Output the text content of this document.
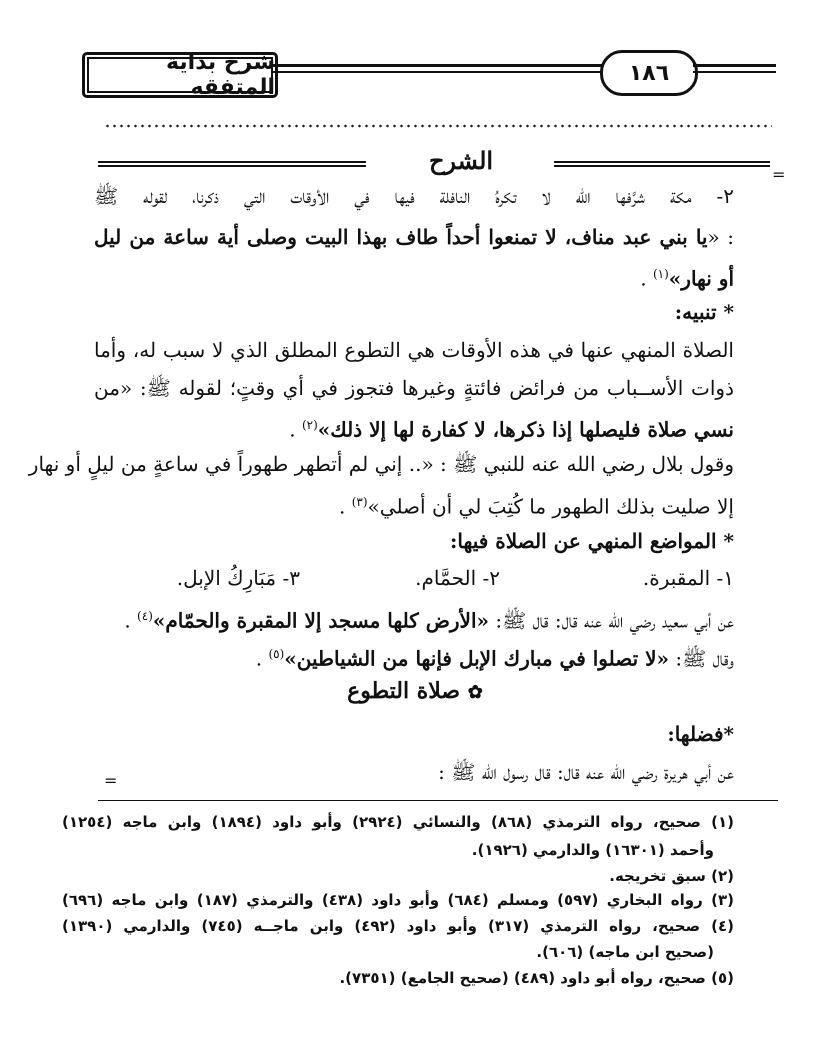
شرح بداية المتفقه
١٨٦
الشرح	=
٢- مكة شرَّفها الله لا تكرهُ النافلة فيها في الأوقات التي ذكرنا، لقوله ﷺ
: «يا بني عبد مناف، لا تمنعوا أحداً طاف بهذا البيت وصلى أية ساعة من ليل
أو نهار»$^{(١)}$ .
* تنبيه:
الصلاة المنهي عنها في هذه الأوقات هي التطوع المطلق الذي لا سبب له، وأما
ذوات الأســباب من فرائض فائتةٍ وغيرها فتجوز في أي وقتٍ؛ لقوله ﷺ: «من
نسي صلاة فليصلها إذا ذكرها، لا كفارة لها إلا ذلك»$^{(٢)}$ .
وقول بلال رضي الله عنه للنبي ﷺ : «.. إني لم أتطهر طهوراً في ساعةٍ من ليلٍ أو نهار
إلا صليت بذلك الطهور ما كُتِبَ لي أن أصلي»$^{(٣)}$ .
* المواضع المنهي عن الصلاة فيها:
١- المقبرة.
٢- الحمَّام.
٣- مَبَارِكُ الإبل.
عن أبي سعيد رضي الله عنه قال: قال ﷺ: «الأرض كلها مسجد إلا المقبرة والحمّام»$^{(٤)}$ .
وقال ﷺ: «لا تصلوا في مبارك الإبل فإنها من الشياطين»$^{(٥)}$ .
✿ صلاة التطوع
*فضلها:
عن أبي هريرة رضي الله عنه قال: قال رسول الله ﷺ :
=
(١) صحيح، رواه الترمذي (٨٦٨) والنسائي (٢٩٢٤) وأبو داود (١٨٩٤) وابن ماجه (١٢٥٤)
وأحمد (١٦٣٠١) والدارمي (١٩٢٦).
(٢) سبق تخريجه.
(٣) رواه البخاري (٥٩٧) ومسلم (٦٨٤) وأبو داود (٤٣٨) والترمذي (١٨٧) وابن ماجه (٦٩٦)
(٤) صحيح، رواه الترمذي (٣١٧) وأبو داود (٤٩٢) وابن ماجــه (٧٤٥) والدارمي (١٣٩٠)
(صحيح ابن ماجه) (٦٠٦).
(٥) صحيح، رواه أبو داود (٤٨٩) (صحيح الجامع) (٧٣٥١).
